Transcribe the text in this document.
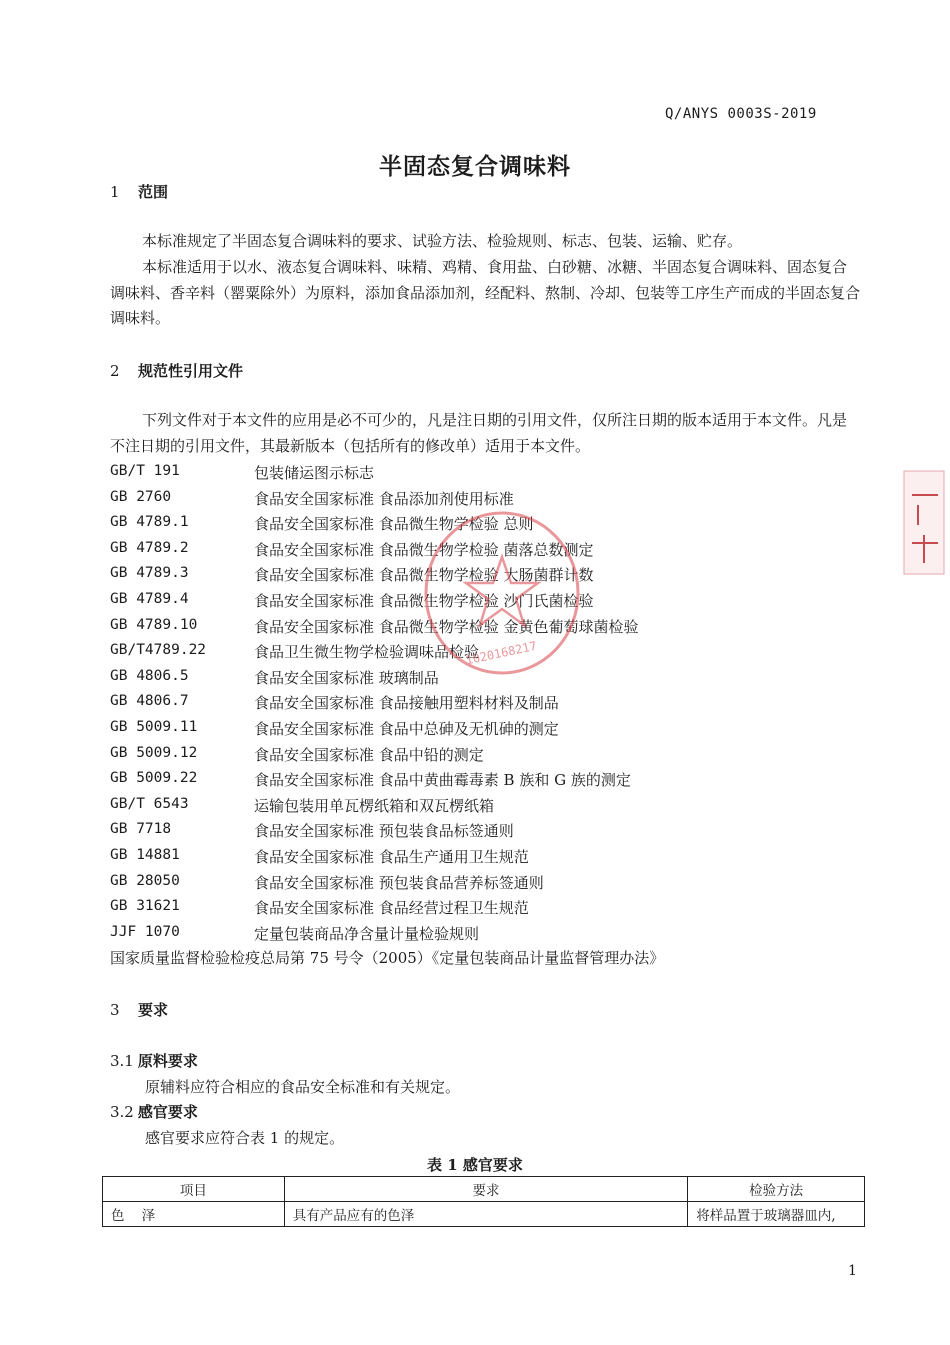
Q/ANYS 0003S-2019
半固态复合调味料
1 范围
本标准规定了半固态复合调味料的要求、试验方法、检验规则、标志、包装、运输、贮存。
本标准适用于以水、液态复合调味料、味精、鸡精、食用盐、白砂糖、冰糖、半固态复合调味料、固态复合调味料、香辛料（罂粟除外）为原料，添加食品添加剂，经配料、熬制、冷却、包装等工序生产而成的半固态复合调味料。
2 规范性引用文件
下列文件对于本文件的应用是必不可少的，凡是注日期的引用文件，仅所注日期的版本适用于本文件。凡是不注日期的引用文件，其最新版本（包括所有的修改单）适用于本文件。
GB/T 191	包装储运图示标志
GB 2760	食品安全国家标准 食品添加剂使用标准
GB 4789.1	食品安全国家标准 食品微生物学检验 总则
GB 4789.2	食品安全国家标准 食品微生物学检验 菌落总数测定
GB 4789.3	食品安全国家标准 食品微生物学检验 大肠菌群计数
GB 4789.4	食品安全国家标准 食品微生物学检验 沙门氏菌检验
GB 4789.10	食品安全国家标准 食品微生物学检验 金黄色葡萄球菌检验
GB/T4789.22	食品卫生微生物学检验调味品检验
GB 4806.5	食品安全国家标准 玻璃制品
GB 4806.7	食品安全国家标准 食品接触用塑料材料及制品
GB 5009.11	食品安全国家标准 食品中总砷及无机砷的测定
GB 5009.12	食品安全国家标准 食品中铅的测定
GB 5009.22	食品安全国家标准 食品中黄曲霉毒素 B 族和 G 族的测定
GB/T 6543	运输包装用单瓦楞纸箱和双瓦楞纸箱
GB 7718	食品安全国家标准 预包装食品标签通则
GB 14881	食品安全国家标准 食品生产通用卫生规范
GB 28050	食品安全国家标准 预包装食品营养标签通则
GB 31621	食品安全国家标准 食品经营过程卫生规范
JJF 1070	定量包装商品净含量计量检验规则
国家质量监督检验检疫总局第 75 号令（2005）《定量包装商品计量监督管理办法》
3 要求
3.1 原料要求
原辅料应符合相应的食品安全标准和有关规定。
3.2 感官要求
感官要求应符合表 1 的规定。
表 1 感官要求
项目	要求	检验方法
色    泽	具有产品应有的色泽	将样品置于玻璃器皿内,
1020168217
1
